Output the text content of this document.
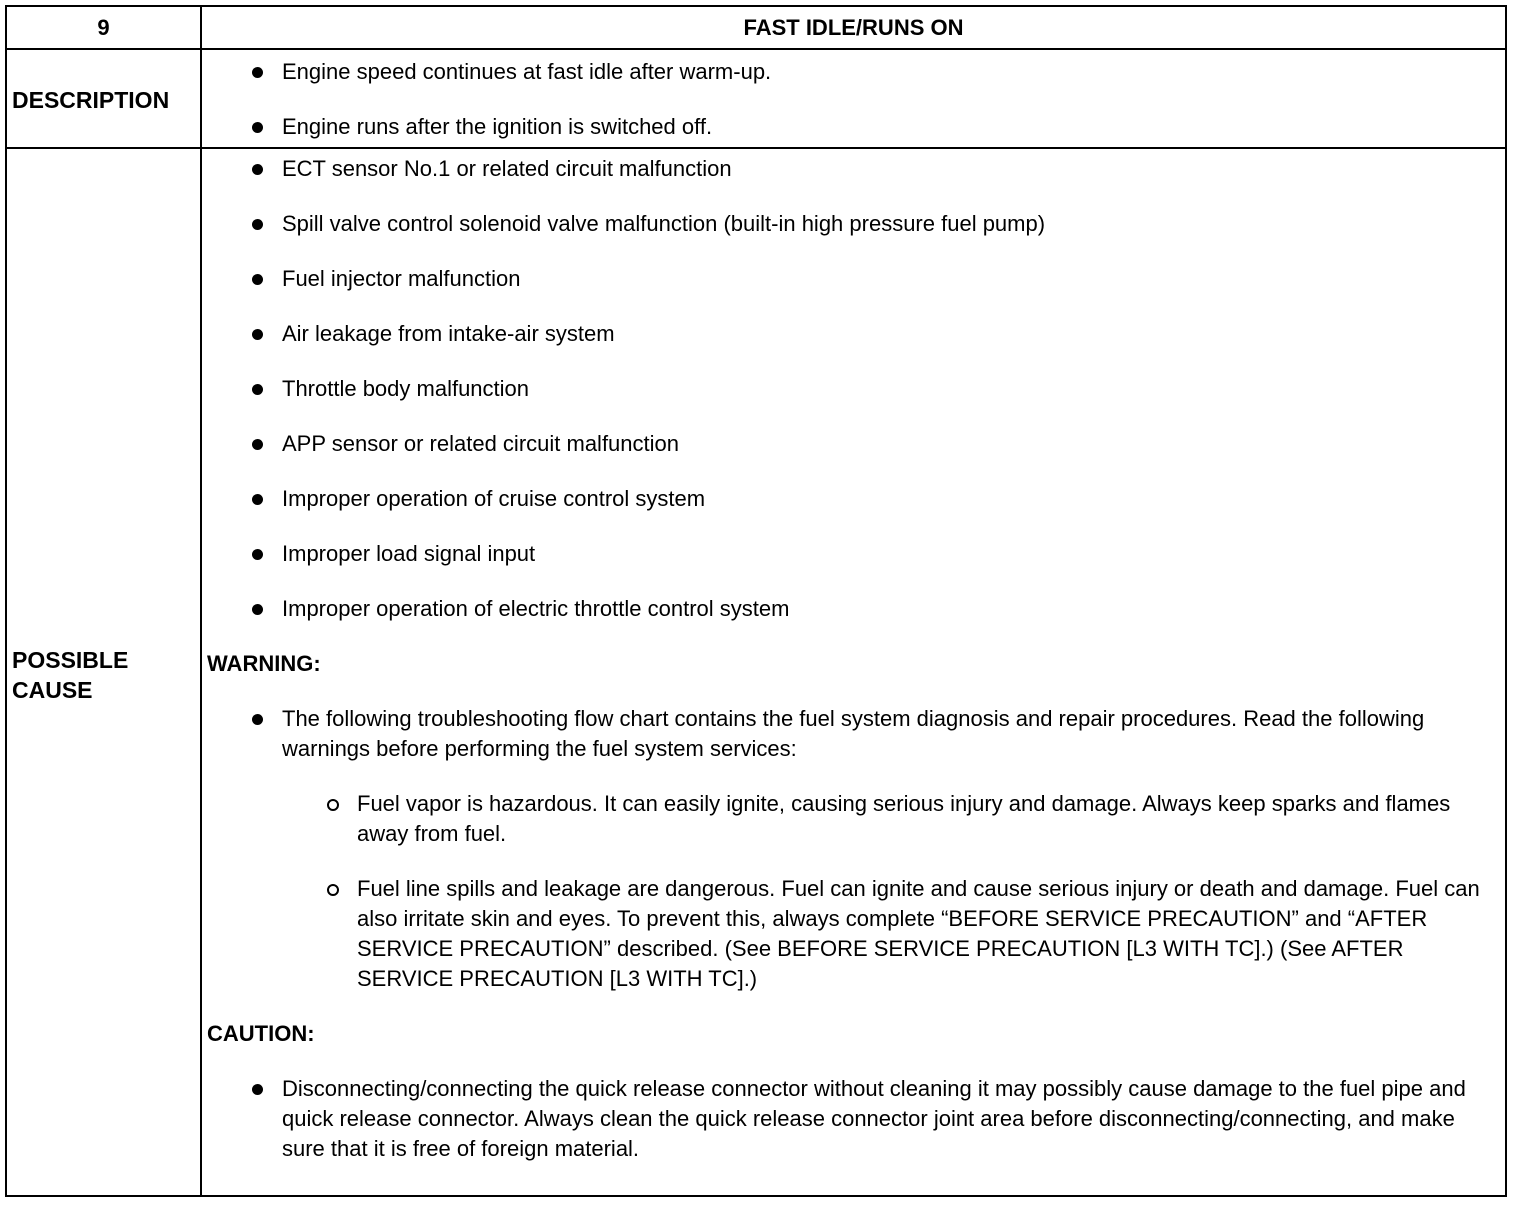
9	FAST IDLE/RUNS ON
DESCRIPTION
Engine speed continues at fast idle after warm-up.
Engine runs after the ignition is switched off.
POSSIBLE
CAUSE
ECT sensor No.1 or related circuit malfunction
Spill valve control solenoid valve malfunction (built-in high pressure fuel pump)
Fuel injector malfunction
Air leakage from intake-air system
Throttle body malfunction
APP sensor or related circuit malfunction
Improper operation of cruise control system
Improper load signal input
Improper operation of electric throttle control system
WARNING:
The following troubleshooting flow chart contains the fuel system diagnosis and repair procedures. Read the following warnings before performing the fuel system services:
Fuel vapor is hazardous. It can easily ignite, causing serious injury and damage. Always keep sparks and flames away from fuel.
Fuel line spills and leakage are dangerous. Fuel can ignite and cause serious injury or death and damage. Fuel can also irritate skin and eyes. To prevent this, always complete “BEFORE SERVICE PRECAUTION” and “AFTER SERVICE PRECAUTION” described. (See BEFORE SERVICE PRECAUTION [L3 WITH TC].) (See AFTER SERVICE PRECAUTION [L3 WITH TC].)
CAUTION:
Disconnecting/connecting the quick release connector without cleaning it may possibly cause damage to the fuel pipe and quick release connector. Always clean the quick release connector joint area before disconnecting/connecting, and make sure that it is free of foreign material.
